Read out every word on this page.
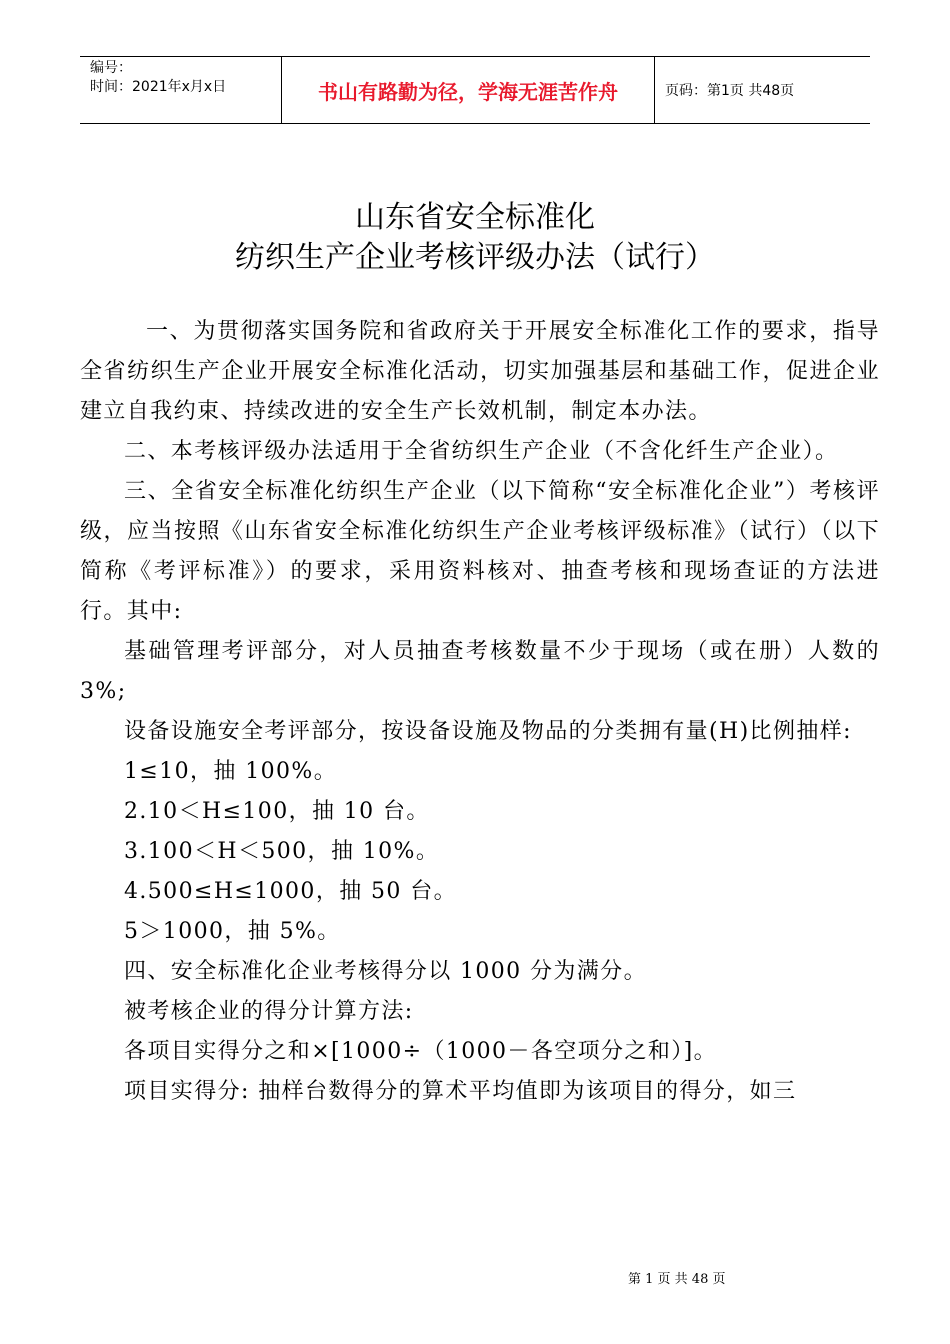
编号：
时间：2021年x月x日	书山有路勤为径，学海无涯苦作舟	页码：第1页 共48页
山东省安全标准化
纺织生产企业考核评级办法（试行）

一、为贯彻落实国务院和省政府关于开展安全标准化工作的要求，指导全省纺织生产企业开展安全标准化活动，切实加强基层和基础工作，促进企业建立自我约束、持续改进的安全生产长效机制，制定本办法。

二、本考核评级办法适用于全省纺织生产企业（不含化纤生产企业）。

三、全省安全标准化纺织生产企业（以下简称“安全标准化企业”）考核评级，应当按照《山东省安全标准化纺织生产企业考核评级标准》（试行）（以下简称《考评标准》）的要求，采用资料核对、抽查考核和现场查证的方法进行。其中:

基础管理考评部分，对人员抽查考核数量不少于现场（或在册）人数的 3%;

设备设施安全考评部分，按设备设施及物品的分类拥有量(H)比例抽样:

1≤10，抽 100%。

2.10＜H≤100，抽 10 台。

3.100＜H＜500，抽 10%。

4.500≤H≤1000，抽 50 台。

5＞1000，抽 5%。

四、安全标准化企业考核得分以 1000 分为满分。

被考核企业的得分计算方法:

各项目实得分之和×[1000÷（1000－各空项分之和）]。

项目实得分: 抽样台数得分的算术平均值即为该项目的得分，如三

第 1 页 共 48 页
